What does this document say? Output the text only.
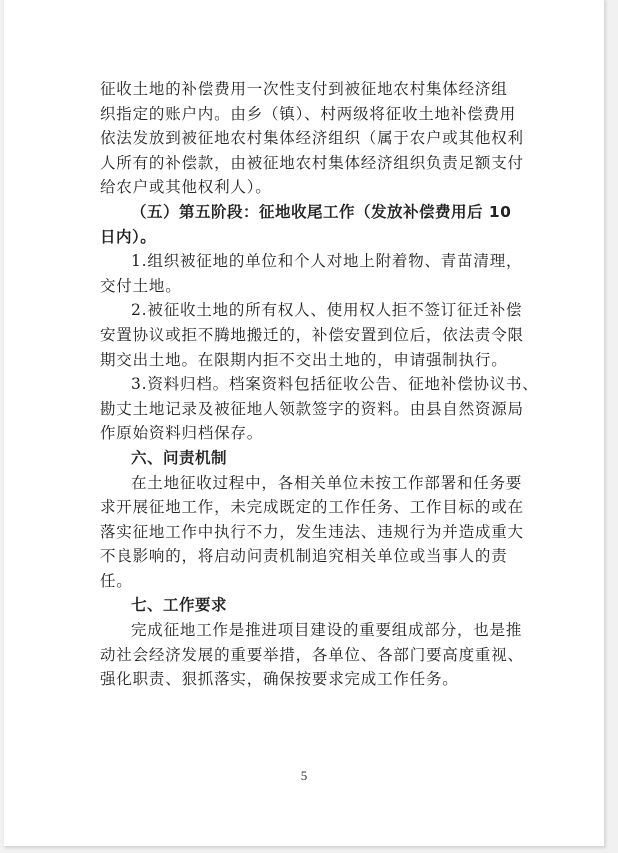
征收土地的补偿费用一次性支付到被征地农村集体经济组
织指定的账户内。由乡（镇）、村两级将征收土地补偿费用
依法发放到被征地农村集体经济组织（属于农户或其他权利
人所有的补偿款，由被征地农村集体经济组织负责足额支付
给农户或其他权利人）。
（五）第五阶段：征地收尾工作（发放补偿费用后 10
日内）。
1.组织被征地的单位和个人对地上附着物、青苗清理，
交付土地。
2.被征收土地的所有权人、使用权人拒不签订征迁补偿
安置协议或拒不腾地搬迁的，补偿安置到位后，依法责令限
期交出土地。在限期内拒不交出土地的，申请强制执行。
3.资料归档。档案资料包括征收公告、征地补偿协议书、
勘丈土地记录及被征地人领款签字的资料。由县自然资源局
作原始资料归档保存。
六、问责机制
在土地征收过程中，各相关单位未按工作部署和任务要
求开展征地工作，未完成既定的工作任务、工作目标的或在
落实征地工作中执行不力，发生违法、违规行为并造成重大
不良影响的，将启动问责机制追究相关单位或当事人的责
任。
七、工作要求
完成征地工作是推进项目建设的重要组成部分，也是推
动社会经济发展的重要举措，各单位、各部门要高度重视、
强化职责、狠抓落实，确保按要求完成工作任务。
5
